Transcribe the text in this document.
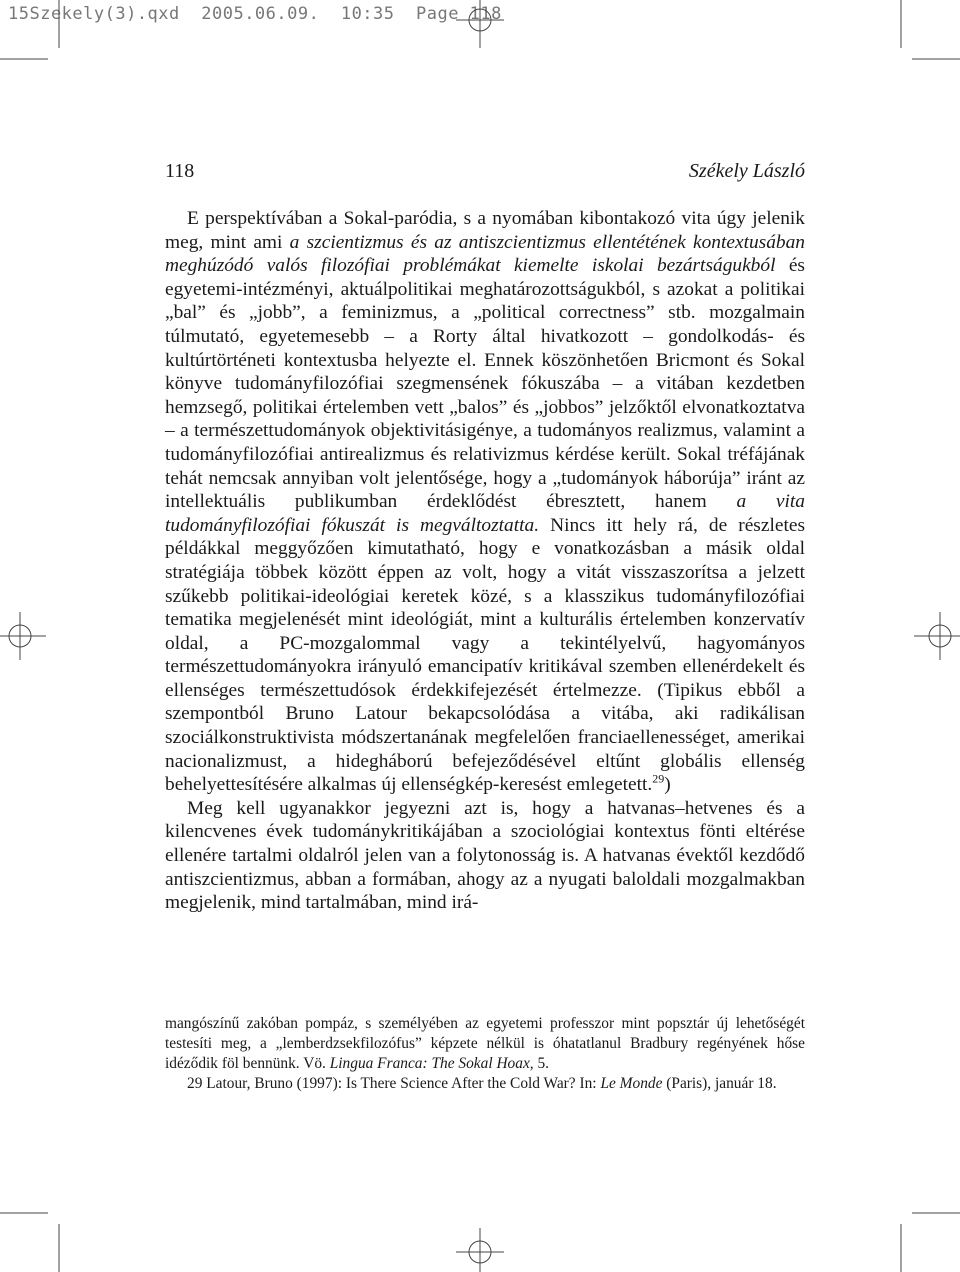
15Szekely(3).qxd 2005.06.09. 10:35 Page 118
118	Székely László

E perspektívában a Sokal-paródia, s a nyomában kibontakozó vita úgy jelenik meg, mint ami a szcientizmus és az antiszcientizmus ellentétének kontextusában meghúzódó valós filozófiai problémákat kiemelte iskolai bezártságukból és egyetemi-intézményi, aktuálpolitikai meghatározottságukból, s azokat a politikai „bal” és „jobb”, a feminizmus, a „political correctness” stb. mozgalmain túlmutató, egyetemesebb – a Rorty által hivatkozott – gondolkodás- és kultúrtörténeti kontextusba helyezte el. Ennek köszönhetően Bricmont és Sokal könyve tudományfilozófiai szegmensének fókuszába – a vitában kezdetben hemzsegő, politikai értelemben vett „balos” és „jobbos” jelzőktől elvonatkoztatva – a természettudományok objektivitásigénye, a tudományos realizmus, valamint a tudományfilozófiai antirealizmus és relativizmus kérdése került. Sokal tréfájának tehát nemcsak annyiban volt jelentősége, hogy a „tudományok háborúja” iránt az intellektuális publikumban érdeklődést ébresztett, hanem a vita tudományfilozófiai fókuszát is megváltoztatta. Nincs itt hely rá, de részletes példákkal meggyőzően kimutatható, hogy e vonatkozásban a másik oldal stratégiája többek között éppen az volt, hogy a vitát visszaszorítsa a jelzett szűkebb politikai-ideológiai keretek közé, s a klasszikus tudományfilozófiai tematika megjelenését mint ideológiát, mint a kulturális értelemben konzervatív oldal, a PC-mozgalommal vagy a tekintélyelvű, hagyományos természettudományokra irányuló emancipatív kritikával szemben ellenérdekelt és ellenséges természettudósok érdekkifejezését értelmezze. (Tipikus ebből a szempontból Bruno Latour bekapcsolódása a vitába, aki radikálisan szociálkonstruktivista módszertanának megfelelően franciaellenességet, amerikai nacionalizmust, a hidegháború befejeződésével eltűnt globális ellenség behelyettesítésére alkalmas új ellenségkép-keresést emlegetett.$^{29}$)

Meg kell ugyanakkor jegyezni azt is, hogy a hatvanas–hetvenes és a kilencvenes évek tudománykritikájában a szociológiai kontextus fönti eltérése ellenére tartalmi oldalról jelen van a folytonosság is. A hatvanas évektől kezdődő antiszcientizmus, abban a formában, ahogy az a nyugati baloldali mozgalmakban megjelenik, mind tartalmában, mind irá-

mangószínű zakóban pompáz, s személyében az egyetemi professzor mint popsztár új lehetőségét testesíti meg, a „lemberdzsekfilozófus” képzete nélkül is óhatatlanul Bradbury regényének hőse idéződik föl bennünk. Vö. Lingua Franca: The Sokal Hoax, 5.

29 Latour, Bruno (1997): Is There Science After the Cold War? In: Le Monde (Paris), január 18.
